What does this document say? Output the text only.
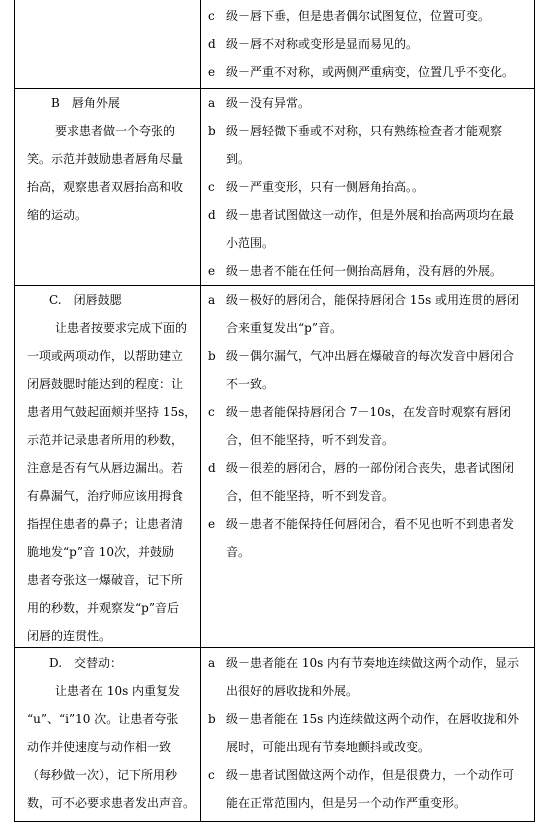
c 级－唇下垂，但是患者偶尔试图复位，位置可变。
d 级－唇不对称或变形是显而易见的。
e 级－严重不对称，或两侧严重病变，位置几乎不变化。
B　唇角外展
要求患者做一个夸张的
笑。示范并鼓励患者唇角尽量
抬高，观察患者双唇抬高和收
缩的运动。
a 级－没有异常。
b 级－唇轻微下垂或不对称，只有熟练检查者才能观察
到。
c 级－严重变形，只有一侧唇角抬高。。
d 级－患者试图做这一动作，但是外展和抬高两项均在最
小范围。
e 级－患者不能在任何一侧抬高唇角，没有唇的外展。
C.　闭唇鼓腮
让患者按要求完成下面的
一项或两项动作，以帮助建立
闭唇鼓腮时能达到的程度：让
患者用气鼓起面颊并坚持 15s，
示范并记录患者所用的秒数，
注意是否有气从唇边漏出。若
有鼻漏气，治疗师应该用拇食
指捏住患者的鼻子；让患者清
脆地发“p”音 10次，并鼓励
患者夸张这一爆破音，记下所
用的秒数，并观察发“p”音后
闭唇的连贯性。
a 级－极好的唇闭合，能保持唇闭合 15s 或用连贯的唇闭
合来重复发出“p”音。
b 级－偶尔漏气，气冲出唇在爆破音的每次发音中唇闭合
不一致。
c 级－患者能保持唇闭合 7－10s，在发音时观察有唇闭
合，但不能坚持，听不到发音。
d 级－很差的唇闭合，唇的一部份闭合丧失，患者试图闭
合，但不能坚持，听不到发音。
e 级－患者不能保持任何唇闭合，看不见也听不到患者发
音。
D.　交替动：
让患者在 10s 内重复发
“u”、“i”10 次。让患者夸张
动作并使速度与动作相一致
（每秒做一次），记下所用秒
数，可不必要求患者发出声音。
a 级－患者能在 10s 内有节奏地连续做这两个动作，显示
出很好的唇收拢和外展。
b 级－患者能在 15s 内连续做这两个动作，在唇收拢和外
展时，可能出现有节奏地颤抖或改变。
c 级－患者试图做这两个动作，但是很费力，一个动作可
能在正常范围内，但是另一个动作严重变形。
